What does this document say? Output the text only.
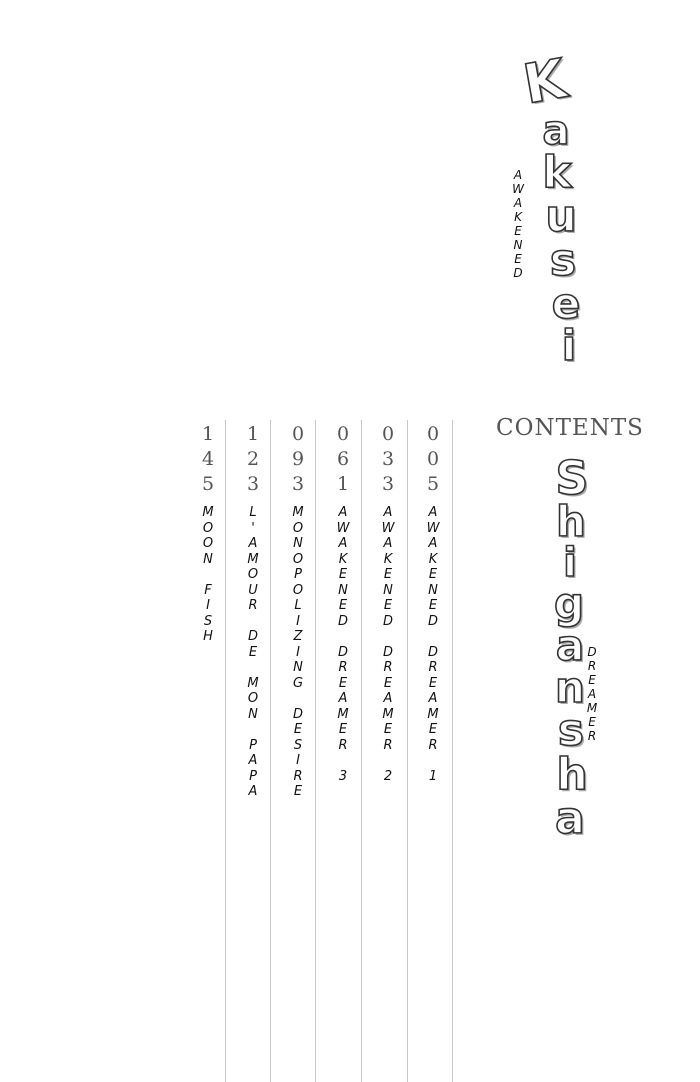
K
a
k
u
s
e
i
A
W
A
K
E
N
E
D
CONTENTS
S
h
i
g
a
n
s
h
a
D
R
E
A
M
E
R
0
0
5
A
W
A
K
E
N
E
D

D
R
E
A
M
E
R

1
0
3
3
A
W
A
K
E
N
E
D

D
R
E
A
M
E
R

2
0
6
1
A
W
A
K
E
N
E
D

D
R
E
A
M
E
R

3
0
9
3
M
O
N
O
P
O
L
I
Z
I
N
G

D
E
S
I
R
E
1
2
3
L
'
A
M
O
U
R

D
E

M
O
N

P
A
P
A
1
4
5
M
O
O
N

F
I
S
H
